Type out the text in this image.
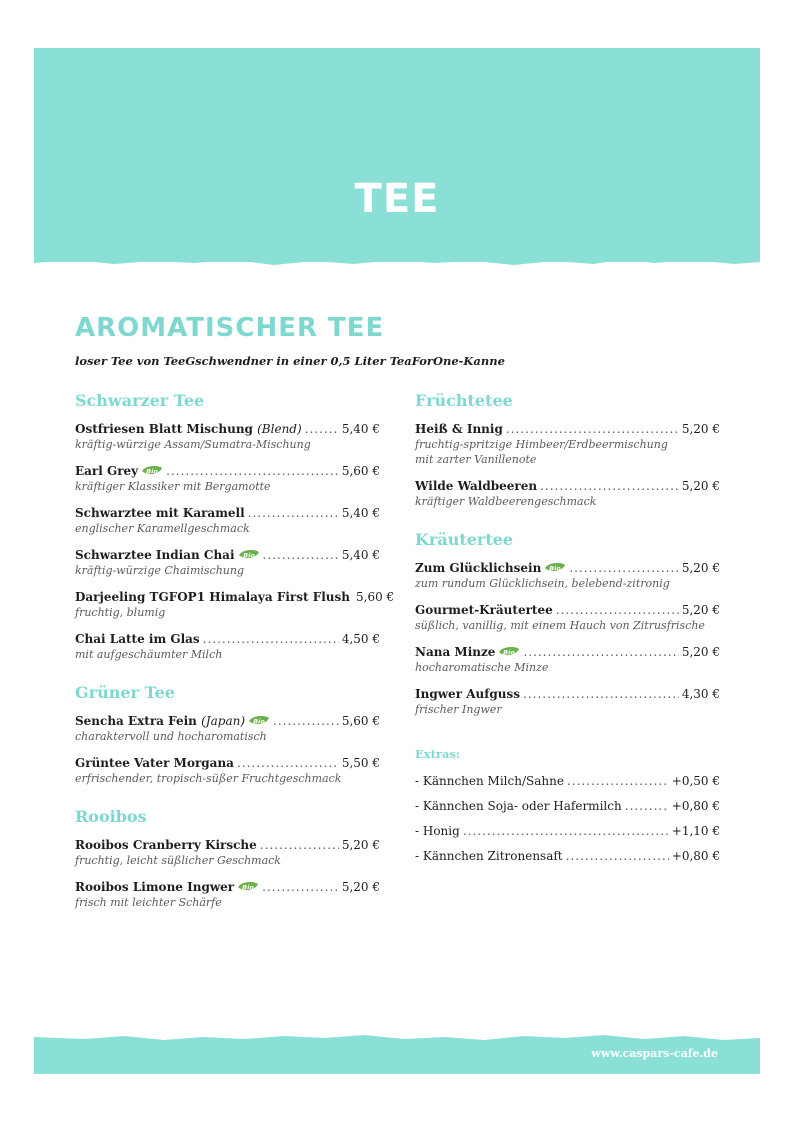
TEE
AROMATISCHER TEE

loser Tee von TeeGschwendner in einer 0,5 Liter TeaForOne-Kanne

Schwarzer Tee
Ostfriesen Blatt Mischung (Blend) .....	5,40 €
kräftig-würzige Assam/Sumatra-Mischung
Earl Grey Bio .....	5,60 €
kräftiger Klassiker mit Bergamotte
Schwarztee mit Karamell .....	5,40 €
englischer Karamellgeschmack
Schwarztee Indian Chai Bio .....	5,40 €
kräftig-würzige Chaimischung
Darjeeling TGFOP1 Himalaya First Flush 5,60 €
fruchtig, blumig
Chai Latte im Glas .....	4,50 €
mit aufgeschäumter Milch
Grüner Tee
Sencha Extra Fein (Japan) Bio .....	5,60 €
charaktervoll und hocharomatisch
Grüntee Vater Morgana .....	5,50 €
erfrischender, tropisch-süßer Fruchtgeschmack
Rooibos
Rooibos Cranberry Kirsche .....	5,20 €
fruchtig, leicht süßlicher Geschmack
Rooibos Limone Ingwer Bio .....	5,20 €
frisch mit leichter Schärfe
Früchtetee
Heiß & Innig .....	5,20 €
fruchtig-spritzige Himbeer/Erdbeermischung
mit zarter Vanillenote
Wilde Waldbeeren .....	5,20 €
kräftiger Waldbeerengeschmack
Kräutertee
Zum Glücklichsein Bio .....	5,20 €
zum rundum Glücklichsein, belebend-zitronig
Gourmet-Kräutertee .....	5,20 €
süßlich, vanillig, mit einem Hauch von Zitrusfrische
Nana Minze Bio .....	5,20 €
hocharomatische Minze
Ingwer Aufguss .....	4,30 €
frischer Ingwer
Extras:
- Kännchen Milch/Sahne .....	+0,50 €
- Kännchen Soja- oder Hafermilch .....	+0,80 €
- Honig .....	+1,10 €
- Kännchen Zitronensaft .....	+0,80 €
www.caspars-cafe.de
